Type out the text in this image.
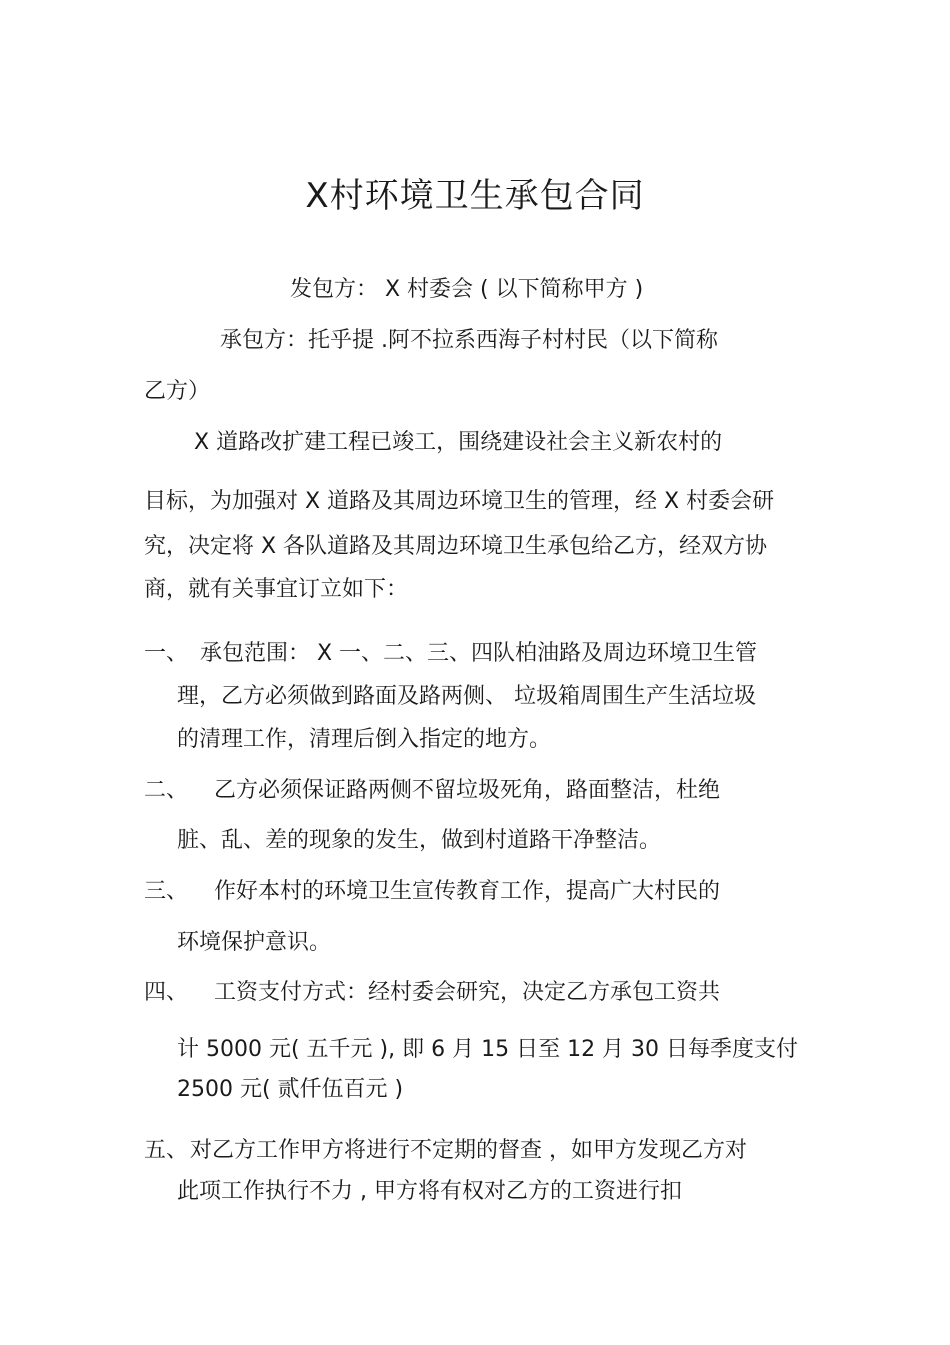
X村环境卫生承包合同
发包方： X 村委会 ( 以下简称甲方 )
承包方：托乎提 .阿不拉系西海子村村民（以下简称
乙方）
X 道路改扩建工程已竣工，围绕建设社会主义新农村的
目标，为加强对 X 道路及其周边环境卫生的管理，经 X 村委会研
究，决定将 X 各队道路及其周边环境卫生承包给乙方，经双方协
商，就有关事宜订立如下：
一、 承包范围： X 一、二、三、四队柏油路及周边环境卫生管
理，乙方必须做到路面及路两侧、 垃圾箱周围生产生活垃圾
的清理工作，清理后倒入指定的地方。
二、 乙方必须保证路两侧不留垃圾死角，路面整洁，杜绝
脏、乱、差的现象的发生，做到村道路干净整洁。
三、 作好本村的环境卫生宣传教育工作，提高广大村民的
环境保护意识。
四、 工资支付方式：经村委会研究，决定乙方承包工资共
计 5000 元( 五千元 ), 即 6 月 15 日至 12 月 30 日每季度支付
2500 元( 贰仟伍百元 )
五、 对乙方工作甲方将进行不定期的督查 ，如甲方发现乙方对
此项工作执行不力 , 甲方将有权对乙方的工资进行扣
